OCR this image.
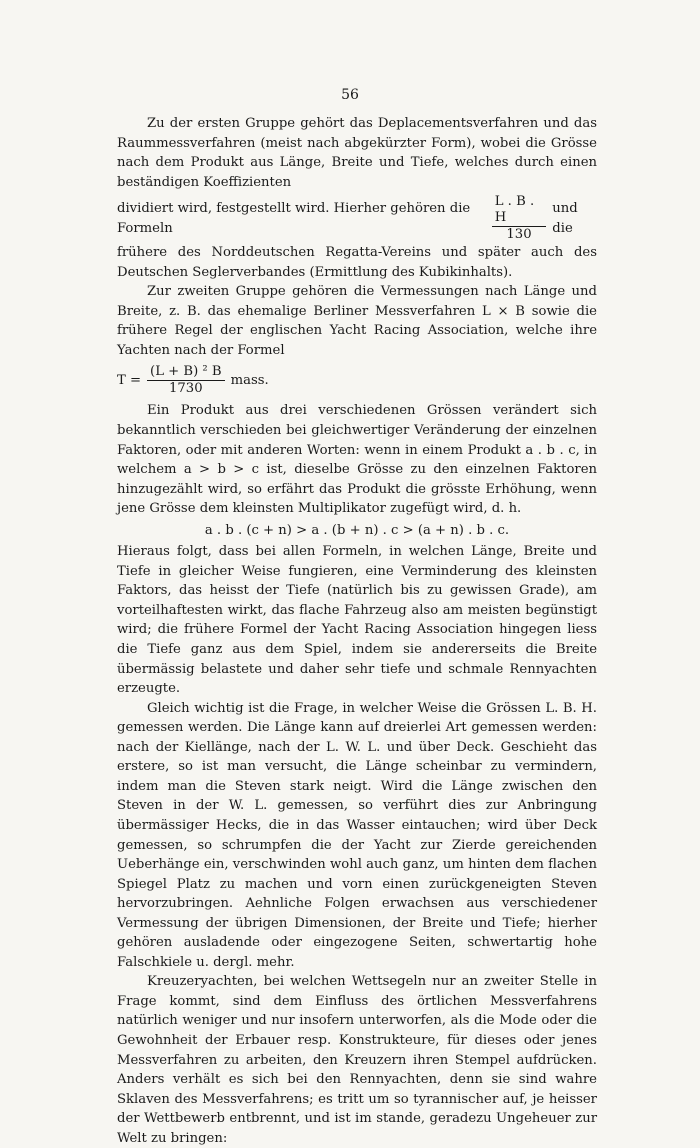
56

Zu der ersten Gruppe gehört das Deplacementsverfahren und das Raummessverfahren (meist nach abgekürzter Form), wobei die Grösse nach dem Produkt aus Länge, Breite und Tiefe, welches durch einen beständigen Koeffizienten

dividiert wird, festgestellt wird. Hierher gehören die Formeln	$\frac{L . B . H}{130}$ und die

frühere des Norddeutschen Regatta-Vereins und später auch des Deutschen Seglerverbandes (Ermittlung des Kubikinhalts).

Zur zweiten Gruppe gehören die Vermessungen nach Länge und Breite, z. B. das ehemalige Berliner Messverfahren L × B sowie die frühere Regel der englischen Yacht Racing Association, welche ihre Yachten nach der Formel

$T = \frac{\text{(L + B) ² B}}{1730}$ mass.

Ein Produkt aus drei verschiedenen Grössen verändert sich bekanntlich verschieden bei gleichwertiger Veränderung der einzelnen Faktoren, oder mit anderen Worten: wenn in einem Produkt a . b . c, in welchem a > b > c ist, dieselbe Grösse zu den einzelnen Faktoren hinzugezählt wird, so erfährt das Produkt die grösste Erhöhung, wenn jene Grösse dem kleinsten Multiplikator zugefügt wird, d. h.

a . b . (c + n) > a . (b + n) . c > (a + n) . b . c.

Hieraus folgt, dass bei allen Formeln, in welchen Länge, Breite und Tiefe in gleicher Weise fungieren, eine Verminderung des kleinsten Faktors, das heisst der Tiefe (natürlich bis zu gewissen Grade), am vorteilhaftesten wirkt, das flache Fahrzeug also am meisten begünstigt wird; die frühere Formel der Yacht Racing Association hingegen liess die Tiefe ganz aus dem Spiel, indem sie andererseits die Breite übermässig belastete und daher sehr tiefe und schmale Rennyachten erzeugte.

Gleich wichtig ist die Frage, in welcher Weise die Grössen L. B. H. gemessen werden. Die Länge kann auf dreierlei Art gemessen werden: nach der Kiellänge, nach der L. W. L. und über Deck. Geschieht das erstere, so ist man versucht, die Länge scheinbar zu vermindern, indem man die Steven stark neigt. Wird die Länge zwischen den Steven in der W. L. gemessen, so verführt dies zur Anbringung übermässiger Hecks, die in das Wasser eintauchen; wird über Deck gemessen, so schrumpfen die der Yacht zur Zierde gereichenden Ueberhänge ein, verschwinden wohl auch ganz, um hinten dem flachen Spiegel Platz zu machen und vorn einen zurückgeneigten Steven hervorzubringen. Aehnliche Folgen erwachsen aus verschiedener Vermessung der übrigen Dimensionen, der Breite und Tiefe; hierher gehören ausladende oder eingezogene Seiten, schwertartig hohe Falschkiele u. dergl. mehr.

Kreuzeryachten, bei welchen Wettsegeln nur an zweiter Stelle in Frage kommt, sind dem Einfluss des örtlichen Messverfahrens natürlich weniger und nur insofern unterworfen, als die Mode oder die Gewohnheit der Erbauer resp. Konstrukteure, für dieses oder jenes Messverfahren zu arbeiten, den Kreuzern ihren Stempel aufdrücken. Anders verhält es sich bei den Rennyachten, denn sie sind wahre Sklaven des Messverfahrens; es tritt um so tyrannischer auf, je heisser der Wettbewerb entbrennt, und ist im stande, geradezu Ungeheuer zur Welt zu bringen:
